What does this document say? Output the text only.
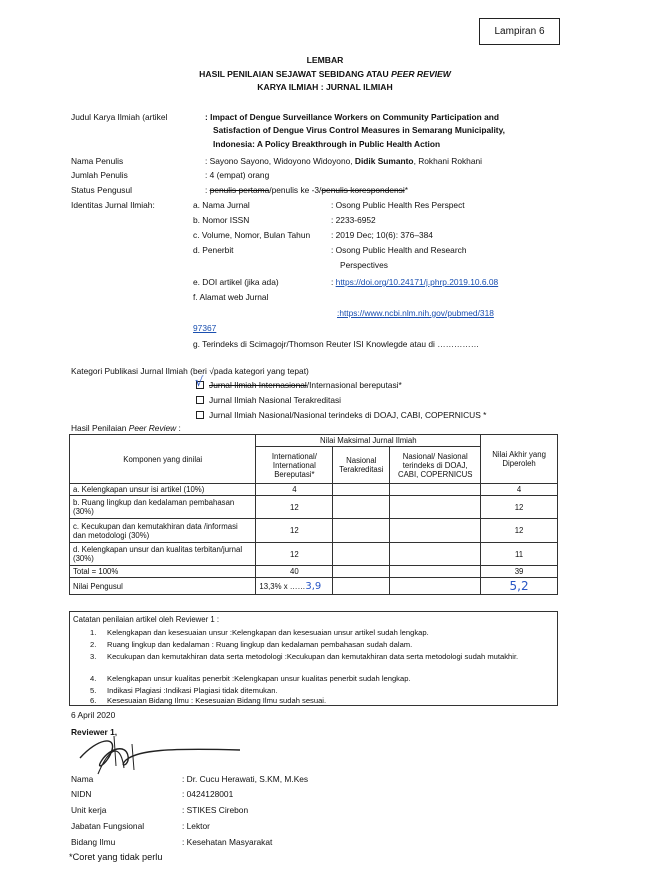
Lampiran 6
LEMBAR
HASIL PENILAIAN SEJAWAT SEBIDANG ATAU PEER REVIEW
KARYA ILMIAH : JURNAL ILMIAH
Judul Karya Ilmiah (artikel	: Impact of Dengue Surveillance Workers on Community Participation and
Satisfaction of Dengue Virus Control Measures in Semarang Municipality,
Indonesia: A Policy Breakthrough in Public Health Action
Nama Penulis	: Sayono Sayono, Widoyono Widoyono, Didik Sumanto, Rokhani Rokhani
Jumlah Penulis	: 4 (empat) orang
Status Pengusul	: penulis pertama/penulis ke -3/penulis korespondensi*
Identitas Jurnal Ilmiah:	a. Nama Jurnal	: Osong Public Health Res Perspect
b. Nomor ISSN	: 2233-6952
c. Volume, Nomor, Bulan Tahun : 2019 Dec; 10(6): 376–384
d. Penerbit	: Osong Public Health and Research
Perspectives
e. DOI artikel (jika ada)	: https://doi.org/10.24171/j.phrp.2019.10.6.08
f. Alamat web Jurnal
:https://www.ncbi.nlm.nih.gov/pubmed/318
97367
g. Terindeks di Scimagojr/Thomson Reuter ISI Knowlegde atau di ……………
Kategori Publikasi Jurnal Ilmiah (beri √pada kategori yang tepat)
√ Jurnal Ilmiah Internasional/Internasional bereputasi*
Jurnal Ilmiah Nasional Terakreditasi
Jurnal Ilmiah Nasional/Nasional terindeks di DOAJ, CABI, COPERNICUS *
Hasil Penilaian Peer Review :
Komponen yang dinilai	Nilai Maksimal Jurnal Ilmiah			Nilai Akhir yang Diperoleh
	International/ International Bereputasi*	Nasional Terakreditasi	Nasional/ Nasional terindeks di DOAJ, CABI, COPERNICUS	
a. Kelengkapan unsur isi artikel (10%)	4			4
b. Ruang lingkup dan kedalaman pembahasan (30%)	12			12
c. Kecukupan dan kemutakhiran data /informasi dan metodologi (30%)	12			12
d. Kelengkapan unsur dan kualitas terbitan/jurnal (30%)	12			11
Total = 100%	40			39
Nilai Pengusul	13,3% x ……3,9			5,2
Catatan penilaian artikel oleh Reviewer 1 :
1. Kelengkapan dan kesesuaian unsur :Kelengkapan dan kesesuaian unsur artikel sudah lengkap.
2. Ruang lingkup dan kedalaman : Ruang lingkup dan kedalaman pembahasan sudah dalam.
3. Kecukupan dan kemutakhiran data serta metodologi :Kecukupan dan kemutakhiran data serta metodologi sudah mutakhir.
4. Kelengkapan unsur kualitas penerbit :Kelengkapan unsur kualitas penerbit sudah lengkap.
5. Indikasi Plagiasi :Indikasi Plagiasi tidak ditemukan.
6. Kesesuaian Bidang Ilmu : Kesesuaian Bidang Ilmu sudah sesuai.
6 April 2020
Reviewer 1,
Nama	: Dr. Cucu Herawati, S.KM, M.Kes
NIDN	: 0424128001
Unit kerja	: STIKES Cirebon
Jabatan Fungsional	: Lektor
Bidang Ilmu	: Kesehatan Masyarakat
*Coret yang tidak perlu
